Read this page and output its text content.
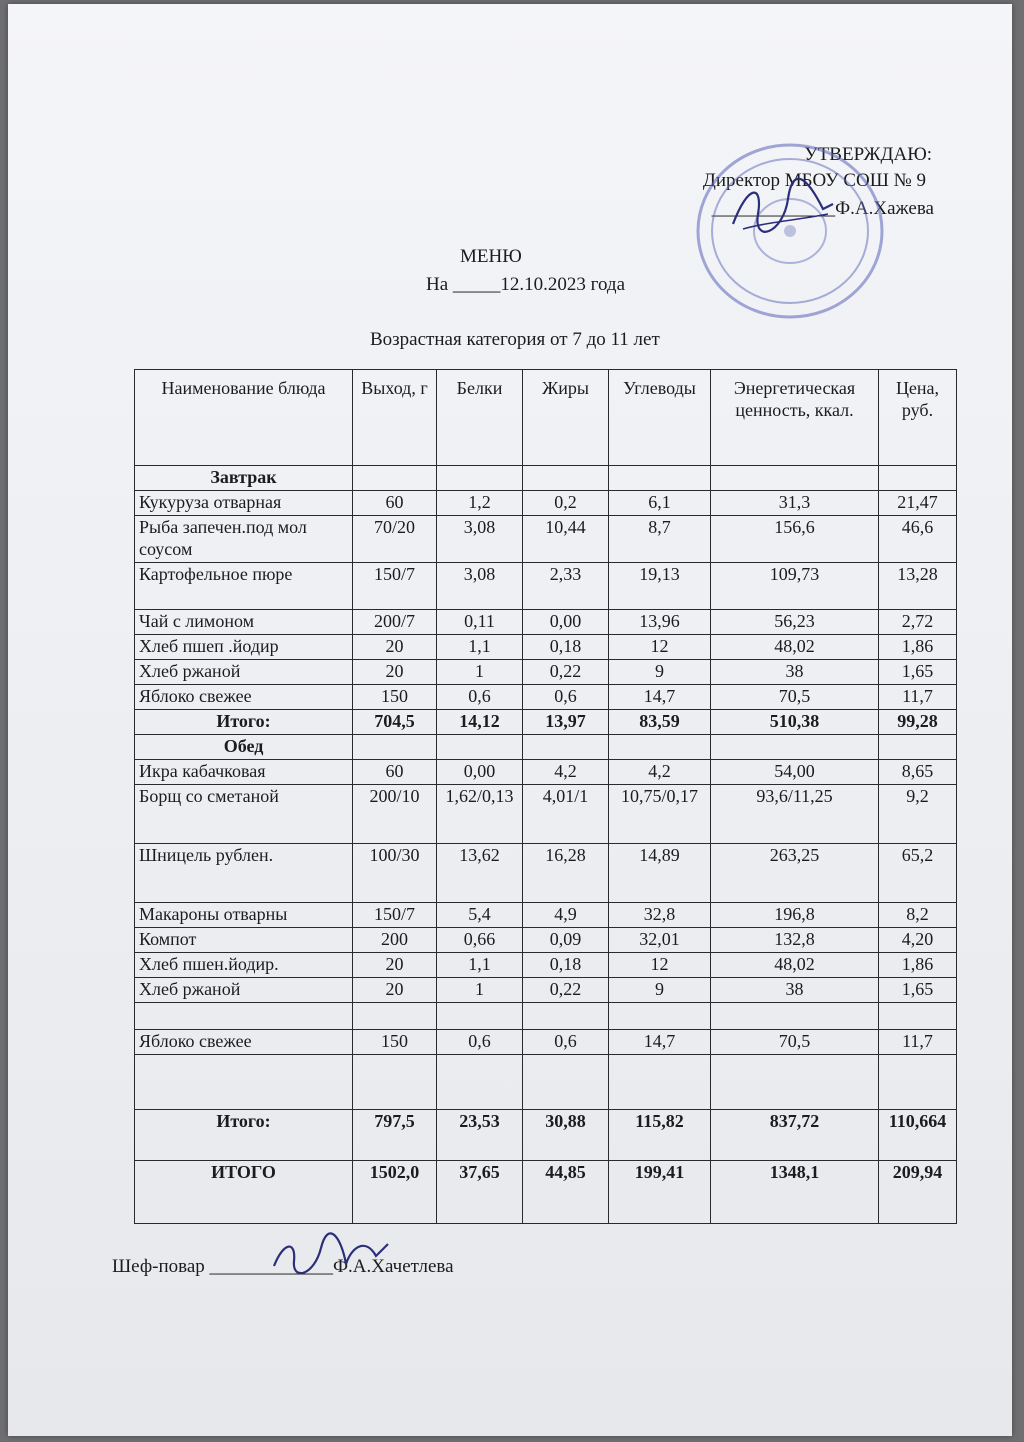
УТВЕРЖДАЮ:
Директор МБОУ СОШ № 9
_____________Ф.А.Хажева
МЕНЮ
На _____12.10.2023 года
Возрастная категория от 7 до 11 лет
Наименование блюда	Выход, г	Белки	Жиры	Углеводы	Энергетическая ценность, ккал.	Цена, руб.
Завтрак						
Кукуруза отварная	60	1,2	0,2	6,1	31,3	21,47
Рыба запечен.под мол соусом	70/20	3,08	10,44	8,7	156,6	46,6
Картофельное пюре	150/7	3,08	2,33	19,13	109,73	13,28
Чай с лимоном	200/7	0,11	0,00	13,96	56,23	2,72
Хлеб пшеп .йодир	20	1,1	0,18	12	48,02	1,86
Хлеб ржаной	20	1	0,22	9	38	1,65
Яблоко свежее	150	0,6	0,6	14,7	70,5	11,7
Итого:	704,5	14,12	13,97	83,59	510,38	99,28
Обед						
Икра кабачковая	60	0,00	4,2	4,2	54,00	8,65
Борщ со сметаной	200/10	1,62/0,13	4,01/1	10,75/0,17	93,6/11,25	9,2
Шницель рублен.	100/30	13,62	16,28	14,89	263,25	65,2
Макароны отварны	150/7	5,4	4,9	32,8	196,8	8,2
Компот	200	0,66	0,09	32,01	132,8	4,20
Хлеб пшен.йодир.	20	1,1	0,18	12	48,02	1,86
Хлеб ржаной	20	1	0,22	9	38	1,65

Яблоко свежее	150	0,6	0,6	14,7	70,5	11,7

Итого:	797,5	23,53	30,88	115,82	837,72	110,664
ИТОГО	1502,0	37,65	44,85	199,41	1348,1	209,94
Шеф-повар _____________Ф.А.Хачетлева
